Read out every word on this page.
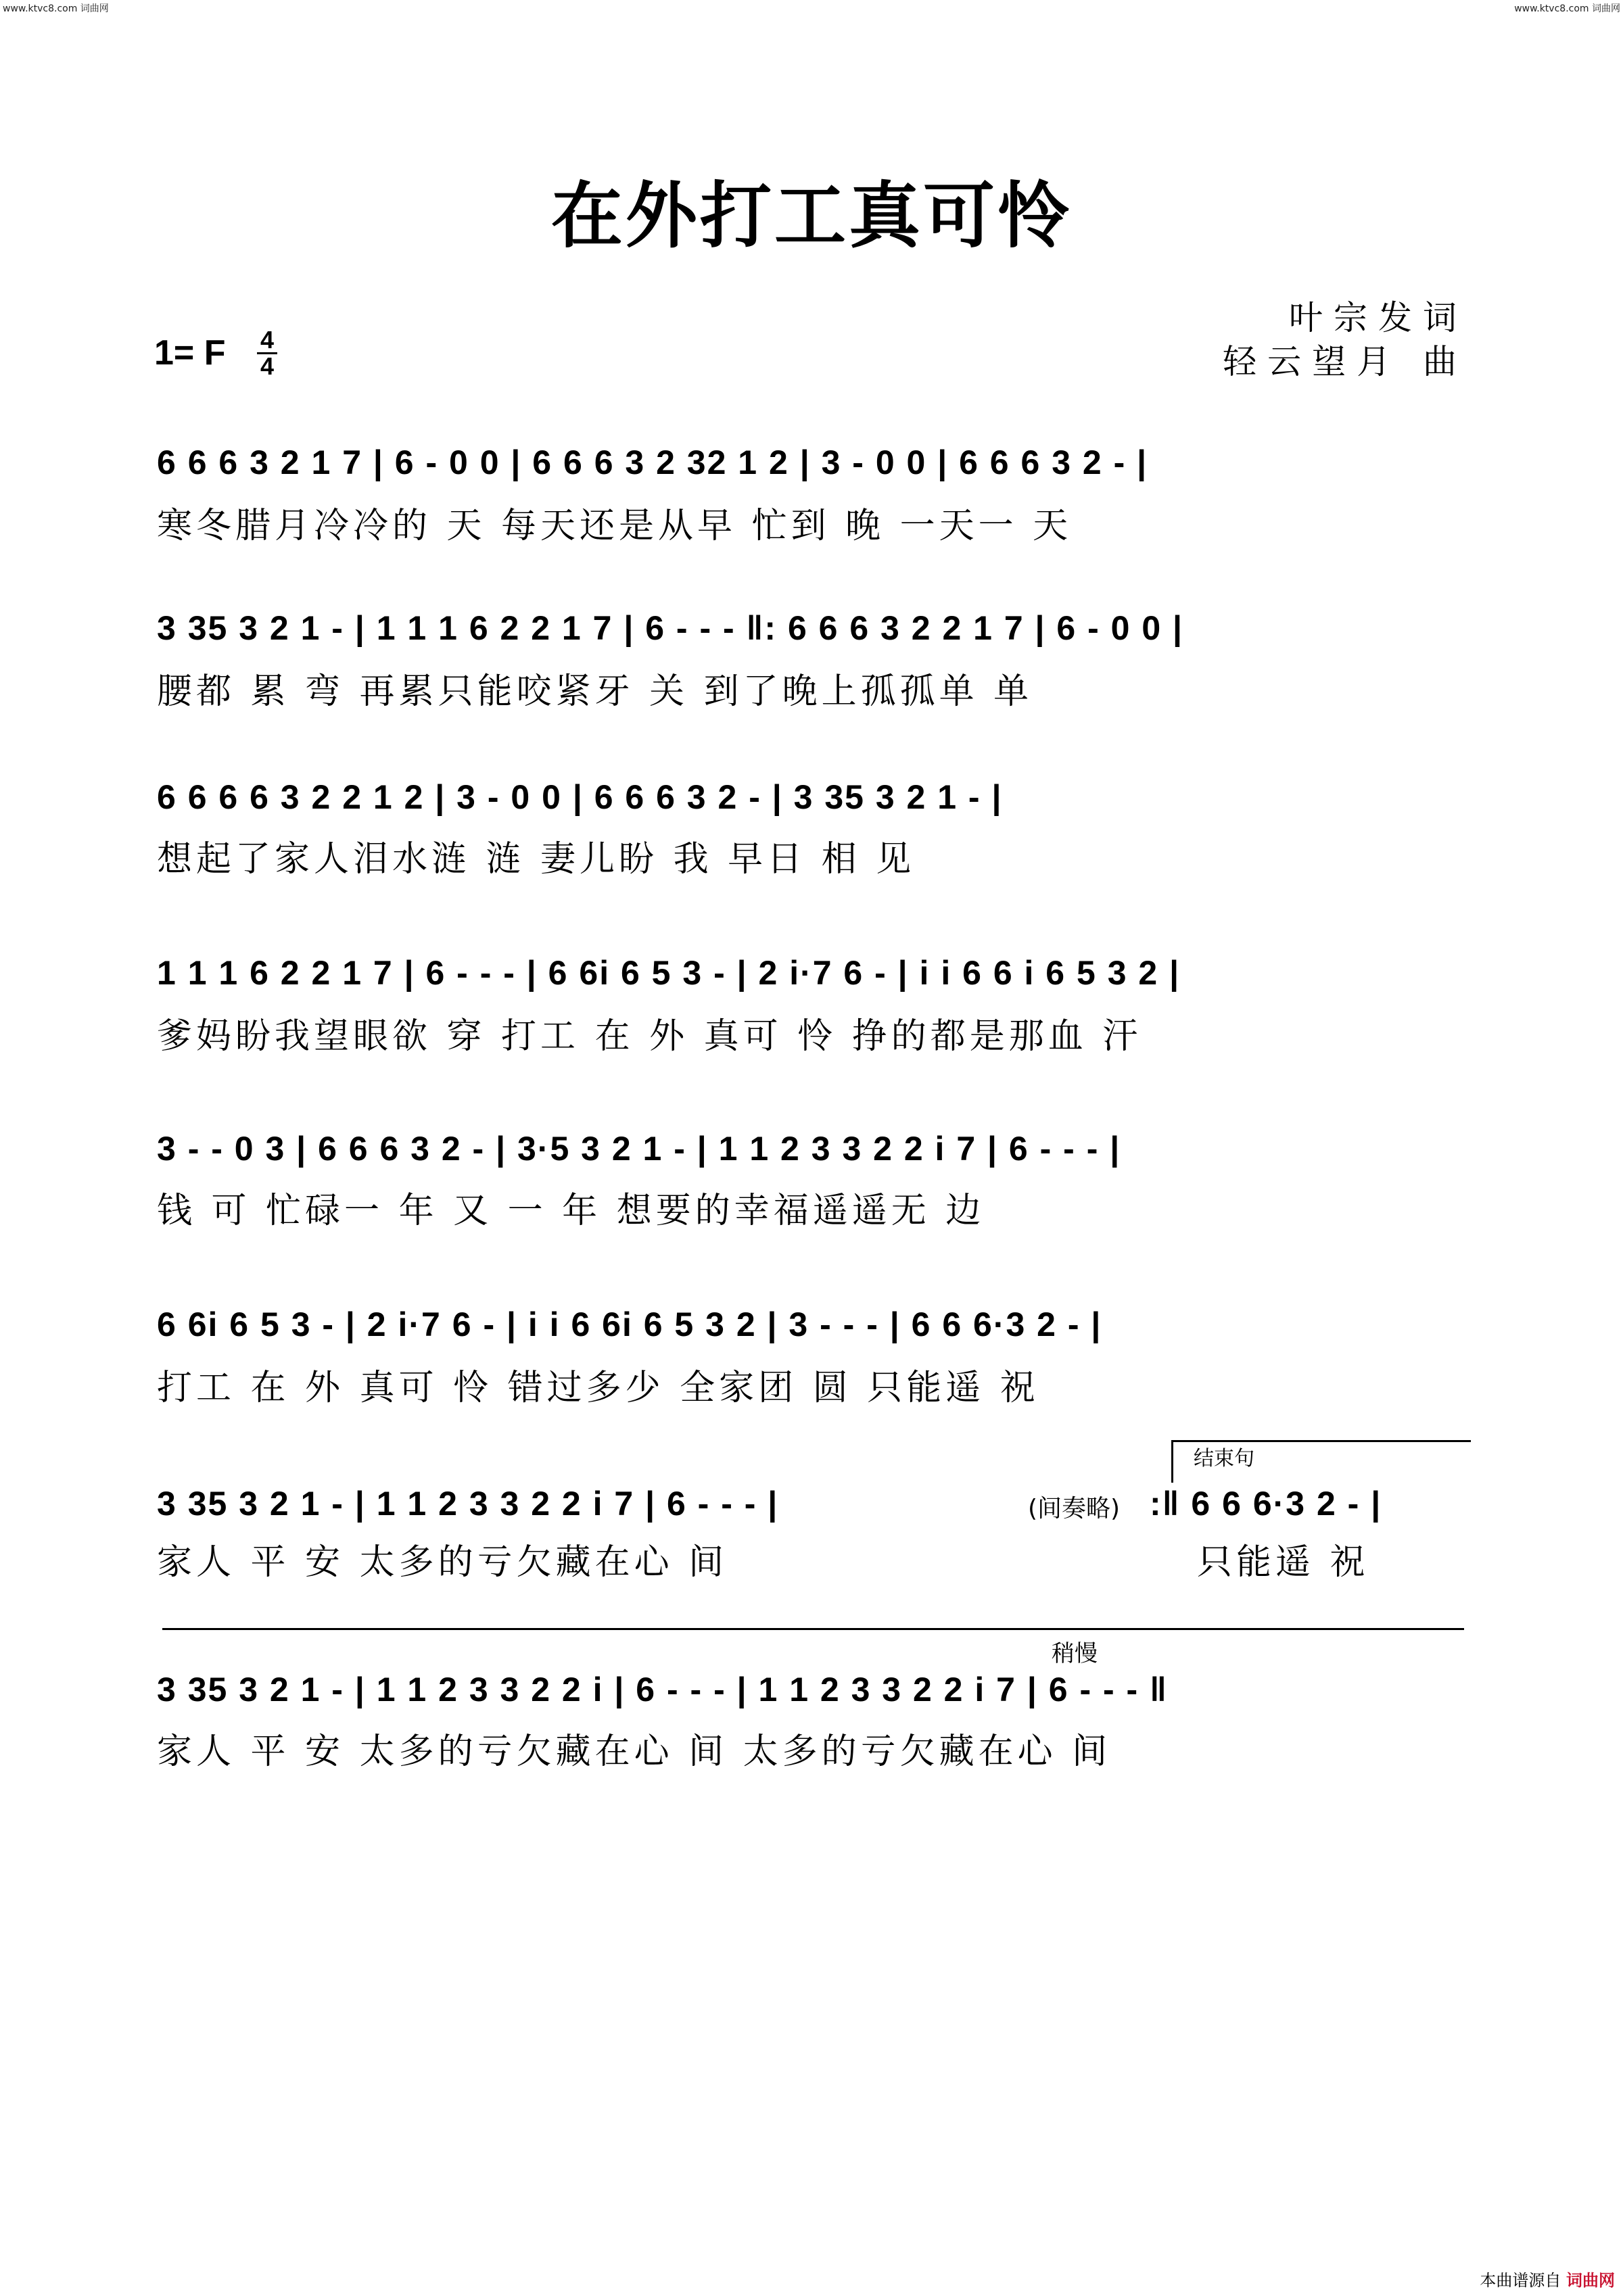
www.ktvc8.com 词曲网	www.ktvc8.com 词曲网
在外打工真可怜
叶宗发词
轻云望月 曲
1= F 4
4
6 6 6 3 2 1 7 | 6 - 0 0 | 6 6 6 3 2 32 1 2 | 3 - 0 0 | 6 6 6 3 2 - |
寒冬腊月冷冷的 天 每天还是从早 忙到 晚 一天一 天
3 35 3 2 1 - | 1 1 1 6 2 2 1 7 | 6 - - - ‖: 6 6 6 3 2 2 1 7 | 6 - 0 0 |
腰都 累 弯 再累只能咬紧牙 关 到了晚上孤孤单 单
6 6 6 6 3 2 2 1 2 | 3 - 0 0 | 6 6 6 3 2 - | 3 35 3 2 1 - |
想起了家人泪水涟 涟 妻儿盼 我 早日 相 见
1 1 1 6 2 2 1 7 | 6 - - - | 6 6i 6 5 3 - | 2 i·7 6 - | i i 6 6 i 6 5 3 2 |
爹妈盼我望眼欲 穿 打工 在 外 真可 怜 挣的都是那血 汗
3 - - 0 3 | 6 6 6 3 2 - | 3·5 3 2 1 - | 1 1 2 3 3 2 2 i 7 | 6 - - - |
钱 可 忙碌一 年 又 一 年 想要的幸福遥遥无 边
6 6i 6 5 3 - | 2 i·7 6 - | i i 6 6i 6 5 3 2 | 3 - - - | 6 6 6·3 2 - |
打工 在 外 真可 怜 错过多少 全家团 圆 只能遥 祝
结束句
3 35 3 2 1 - | 1 1 2 3 3 2 2 i 7 | 6 - - - |	(间奏略) :‖ 6 6 6·3 2 - |
家人 平 安 太多的亏欠藏在心 间	只能遥 祝
稍慢
3 35 3 2 1 - | 1 1 2 3 3 2 2 i | 6 - - - | 1 1 2 3 3 2 2 i 7 | 6 - - - ‖
家人 平 安 太多的亏欠藏在心 间 太多的亏欠藏在心 间
本曲谱源自 词曲网
